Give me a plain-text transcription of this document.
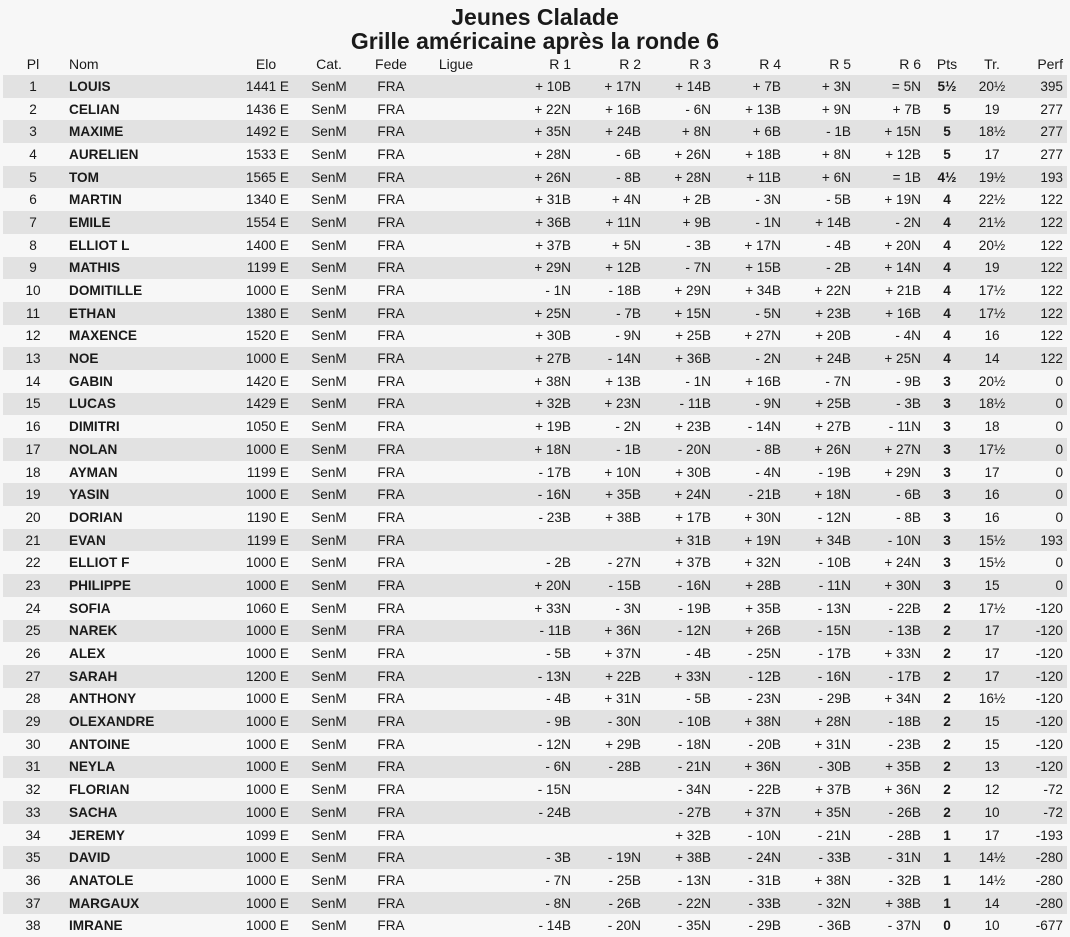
Jeunes Clalade
Grille américaine après la ronde 6
Pl	Nom	Elo	Cat.	Fede	Ligue	R 1	R 2	R 3	R 4	R 5	R 6	Pts	Tr.	Perf
1	LOUIS	1441 E	SenM	FRA		+ 10B	+ 17N	+ 14B	+ 7B	+ 3N	= 5N	5½	20½	395
2	CELIAN	1436 E	SenM	FRA		+ 22N	+ 16B	- 6N	+ 13B	+ 9N	+ 7B	5	19	277
3	MAXIME	1492 E	SenM	FRA		+ 35N	+ 24B	+ 8N	+ 6B	- 1B	+ 15N	5	18½	277
4	AURELIEN	1533 E	SenM	FRA		+ 28N	- 6B	+ 26N	+ 18B	+ 8N	+ 12B	5	17	277
5	TOM	1565 E	SenM	FRA		+ 26N	- 8B	+ 28N	+ 11B	+ 6N	= 1B	4½	19½	193
6	MARTIN	1340 E	SenM	FRA		+ 31B	+ 4N	+ 2B	- 3N	- 5B	+ 19N	4	22½	122
7	EMILE	1554 E	SenM	FRA		+ 36B	+ 11N	+ 9B	- 1N	+ 14B	- 2N	4	21½	122
8	ELLIOT L	1400 E	SenM	FRA		+ 37B	+ 5N	- 3B	+ 17N	- 4B	+ 20N	4	20½	122
9	MATHIS	1199 E	SenM	FRA		+ 29N	+ 12B	- 7N	+ 15B	- 2B	+ 14N	4	19	122
10	DOMITILLE	1000 E	SenM	FRA		- 1N	- 18B	+ 29N	+ 34B	+ 22N	+ 21B	4	17½	122
11	ETHAN	1380 E	SenM	FRA		+ 25N	- 7B	+ 15N	- 5N	+ 23B	+ 16B	4	17½	122
12	MAXENCE	1520 E	SenM	FRA		+ 30B	- 9N	+ 25B	+ 27N	+ 20B	- 4N	4	16	122
13	NOE	1000 E	SenM	FRA		+ 27B	- 14N	+ 36B	- 2N	+ 24B	+ 25N	4	14	122
14	GABIN	1420 E	SenM	FRA		+ 38N	+ 13B	- 1N	+ 16B	- 7N	- 9B	3	20½	0
15	LUCAS	1429 E	SenM	FRA		+ 32B	+ 23N	- 11B	- 9N	+ 25B	- 3B	3	18½	0
16	DIMITRI	1050 E	SenM	FRA		+ 19B	- 2N	+ 23B	- 14N	+ 27B	- 11N	3	18	0
17	NOLAN	1000 E	SenM	FRA		+ 18N	- 1B	- 20N	- 8B	+ 26N	+ 27N	3	17½	0
18	AYMAN	1199 E	SenM	FRA		- 17B	+ 10N	+ 30B	- 4N	- 19B	+ 29N	3	17	0
19	YASIN	1000 E	SenM	FRA		- 16N	+ 35B	+ 24N	- 21B	+ 18N	- 6B	3	16	0
20	DORIAN	1190 E	SenM	FRA		- 23B	+ 38B	+ 17B	+ 30N	- 12N	- 8B	3	16	0
21	EVAN	1199 E	SenM	FRA				+ 31B	+ 19N	+ 34B	- 10N	3	15½	193
22	ELLIOT F	1000 E	SenM	FRA		- 2B	- 27N	+ 37B	+ 32N	- 10B	+ 24N	3	15½	0
23	PHILIPPE	1000 E	SenM	FRA		+ 20N	- 15B	- 16N	+ 28B	- 11N	+ 30N	3	15	0
24	SOFIA	1060 E	SenM	FRA		+ 33N	- 3N	- 19B	+ 35B	- 13N	- 22B	2	17½	-120
25	NAREK	1000 E	SenM	FRA		- 11B	+ 36N	- 12N	+ 26B	- 15N	- 13B	2	17	-120
26	ALEX	1000 E	SenM	FRA		- 5B	+ 37N	- 4B	- 25N	- 17B	+ 33N	2	17	-120
27	SARAH	1200 E	SenM	FRA		- 13N	+ 22B	+ 33N	- 12B	- 16N	- 17B	2	17	-120
28	ANTHONY	1000 E	SenM	FRA		- 4B	+ 31N	- 5B	- 23N	- 29B	+ 34N	2	16½	-120
29	OLEXANDRE	1000 E	SenM	FRA		- 9B	- 30N	- 10B	+ 38N	+ 28N	- 18B	2	15	-120
30	ANTOINE	1000 E	SenM	FRA		- 12N	+ 29B	- 18N	- 20B	+ 31N	- 23B	2	15	-120
31	NEYLA	1000 E	SenM	FRA		- 6N	- 28B	- 21N	+ 36N	- 30B	+ 35B	2	13	-120
32	FLORIAN	1000 E	SenM	FRA		- 15N		- 34N	- 22B	+ 37B	+ 36N	2	12	-72
33	SACHA	1000 E	SenM	FRA		- 24B		- 27B	+ 37N	+ 35N	- 26B	2	10	-72
34	JEREMY	1099 E	SenM	FRA				+ 32B	- 10N	- 21N	- 28B	1	17	-193
35	DAVID	1000 E	SenM	FRA		- 3B	- 19N	+ 38B	- 24N	- 33B	- 31N	1	14½	-280
36	ANATOLE	1000 E	SenM	FRA		- 7N	- 25B	- 13N	- 31B	+ 38N	- 32B	1	14½	-280
37	MARGAUX	1000 E	SenM	FRA		- 8N	- 26B	- 22N	- 33B	- 32N	+ 38B	1	14	-280
38	IMRANE	1000 E	SenM	FRA		- 14B	- 20N	- 35N	- 29B	- 36B	- 37N	0	10	-677
